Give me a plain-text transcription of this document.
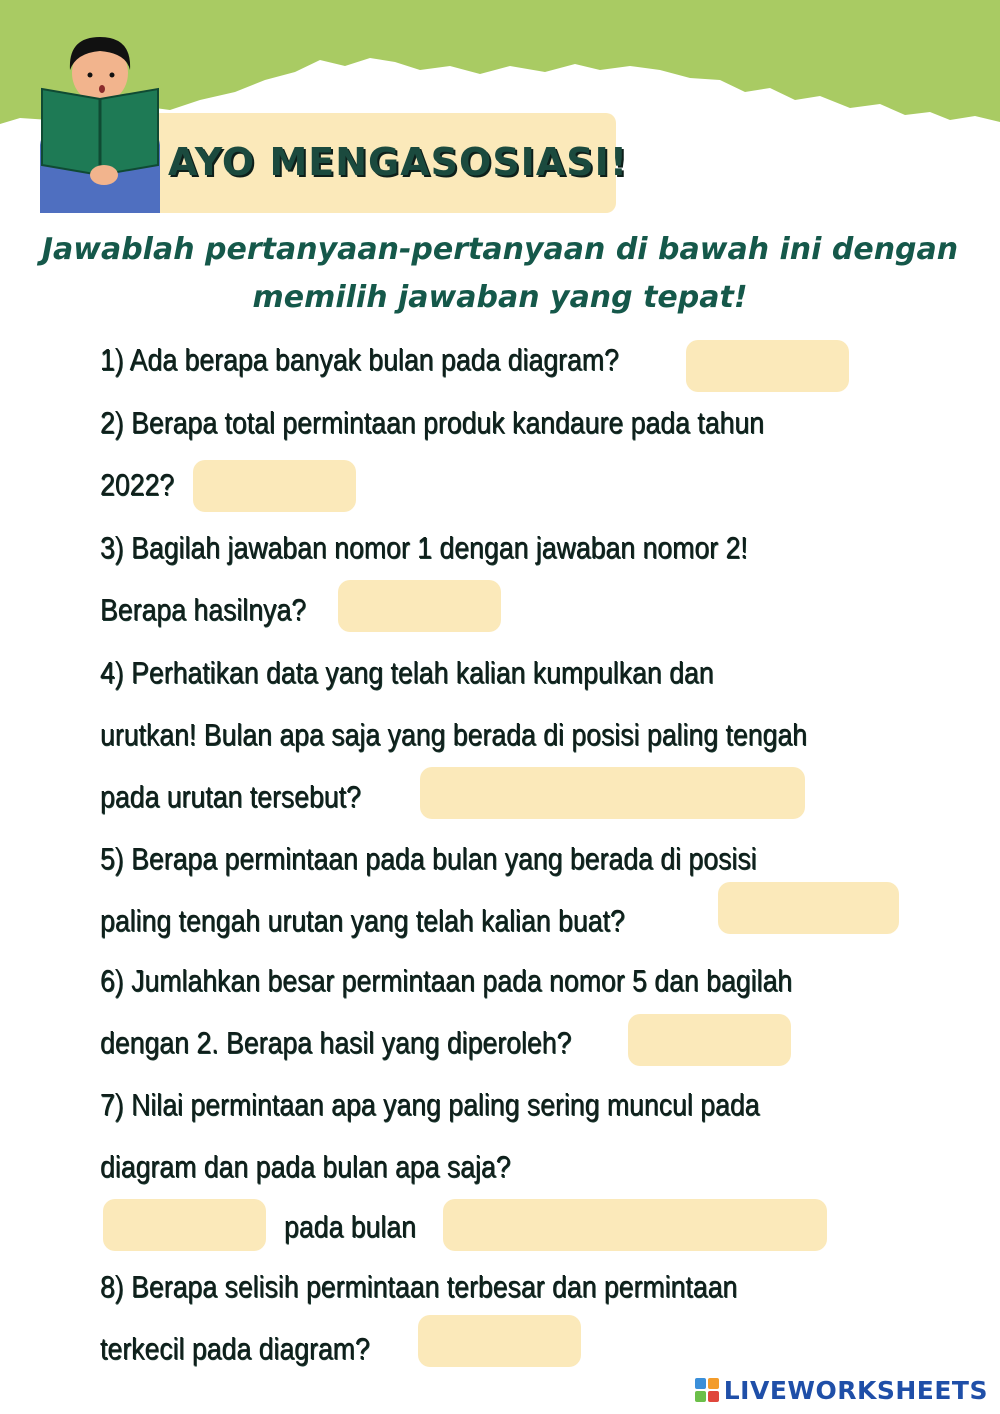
AYO MENGASOSIASI!
Jawablah pertanyaan-pertanyaan di bawah ini dengan memilih jawaban yang tepat!
1) Ada berapa banyak bulan pada diagram?
2) Berapa total permintaan produk kandaure pada tahun
2022?
3) Bagilah jawaban nomor 1 dengan jawaban nomor 2!
Berapa hasilnya?
4) Perhatikan data yang telah kalian kumpulkan dan
urutkan! Bulan apa saja yang berada di posisi paling tengah
pada urutan tersebut?
5) Berapa permintaan pada bulan yang berada di posisi
paling tengah urutan yang telah kalian buat?
6) Jumlahkan besar permintaan pada nomor 5 dan bagilah
dengan 2. Berapa hasil yang diperoleh?
7) Nilai permintaan apa yang paling sering muncul pada
diagram dan pada bulan apa saja?
pada bulan
8) Berapa selisih permintaan terbesar dan permintaan
terkecil pada diagram?
LIVEWORKSHEETS
